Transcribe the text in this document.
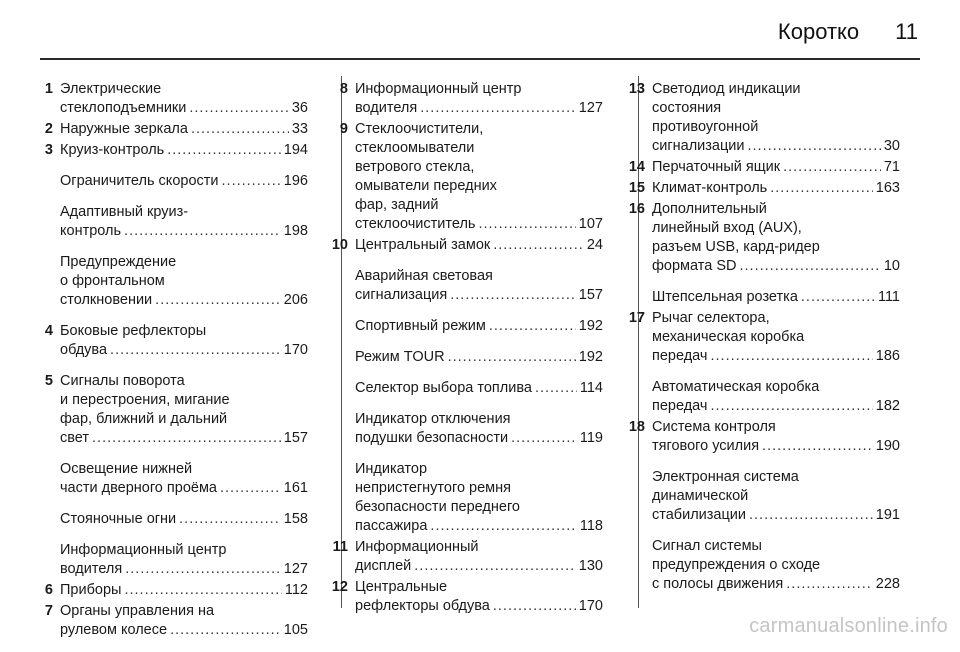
Коротко 11
1 Электрические
стеклоподъемники .....	36
2 Наружные зеркала .....	33
3 Круиз-контроль .....	194
Ограничитель скорости .....	196
Адаптивный круиз-
контроль .....	198
Предупреждение
о фронтальном
столкновении .....	206
4 Боковые рефлекторы
обдува .....	170
5 Сигналы поворота
и перестроения, мигание
фар, ближний и дальний
свет .....	157
Освещение нижней
части дверного проёма .....	161
Стояночные огни .....	158
Информационный центр
водителя .....	127
6 Приборы .....	112
7 Органы управления на
рулевом колесе .....	105
8 Информационный центр
водителя .....	127
9 Стеклоочистители,
стеклоомыватели
ветрового стекла,
омыватели передних
фар, задний
стеклоочиститель .....	107
10 Центральный замок .....	24
Аварийная световая
сигнализация .....	157
Спортивный режим .....	192
Режим TOUR .....	192
Селектор выбора топлива .....	114
Индикатор отключения
подушки безопасности .....	119
Индикатор
непристегнутого ремня
безопасности переднего
пассажира .....	118
11 Информационный
дисплей .....	130
12 Центральные
рефлекторы обдува .....	170
13 Светодиод индикации
состояния
противоугонной
сигнализации .....	30
14 Перчаточный ящик .....	71
15 Климат-контроль .....	163
16 Дополнительный
линейный вход (AUX),
разъем USB, кард-ридер
формата SD .....	10
Штепсельная розетка .....	111
17 Рычаг селектора,
механическая коробка
передач .....	186
Автоматическая коробка
передач .....	182
18 Система контроля
тягового усилия .....	190
Электронная система
динамической
стабилизации .....	191
Сигнал системы
предупреждения о сходе
с полосы движения .....	228
carmanualsonline.info
